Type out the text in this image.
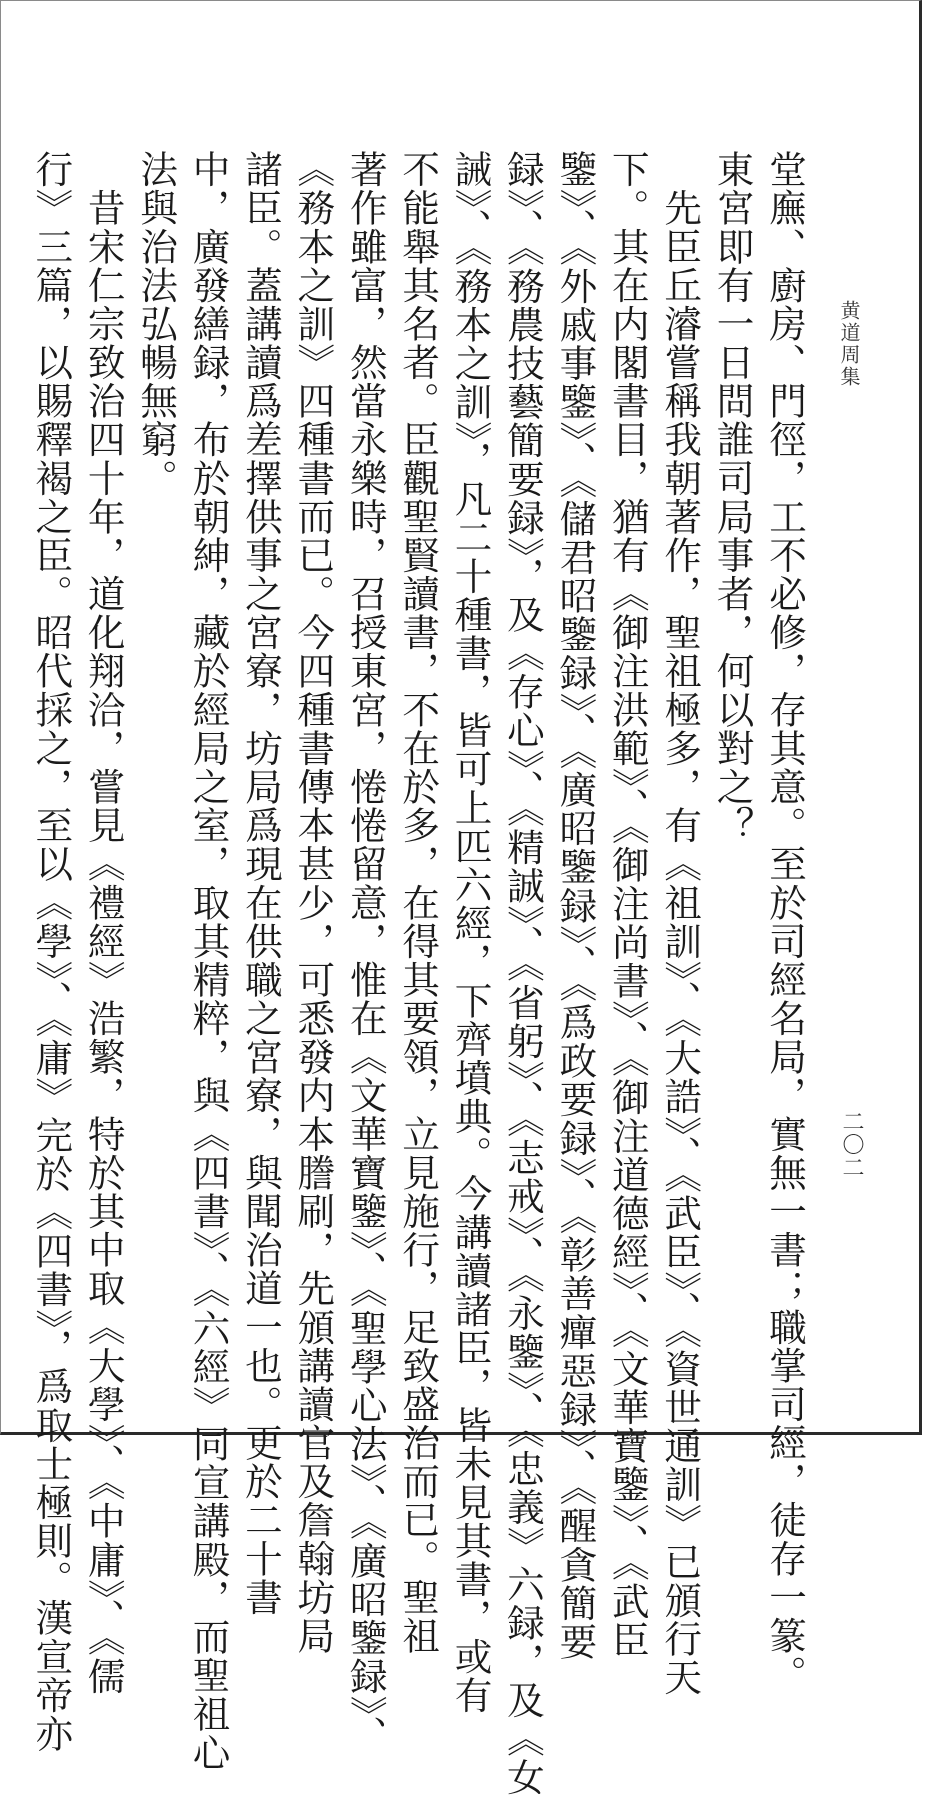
黄道周集
二〇二
堂廡、廚房、門徑，工不必修，存其意。至於司經名局，實無一書；職掌司經，徒存一篆。
東宮即有一日問誰司局事者，何以對之？
　先臣丘濬嘗稱我朝著作，聖祖極多，有《祖訓》、《大誥》、《武臣》、《資世通訓》已頒行天
下。其在内閣書目，猶有《御注洪範》、《御注尚書》、《御注道德經》、《文華寶鑒》、《武臣
鑒》、《外戚事鑒》、《儲君昭鑒録》、《廣昭鑒録》、《爲政要録》、《彰善癉惡録》、《醒貪簡要
録》、《務農技藝簡要録》，及《存心》、《精誠》、《省躬》、《志戒》、《永鑒》、《忠義》六録，及《女
誡》、《務本之訓》，凡二十種書，皆可上匹六經，下齊墳典。今講讀諸臣，皆未見其書，或有
不能舉其名者。臣觀聖賢讀書，不在於多，在得其要領，立見施行，足致盛治而已。聖祖
著作雖富，然當永樂時，召授東宮，惓惓留意，惟在《文華寶鑒》、《聖學心法》、《廣昭鑒録》、
《務本之訓》四種書而已。今四種書傳本甚少，可悉發内本謄刷，先頒講讀官及詹翰坊局
諸臣。蓋講讀爲差擇供事之宮寮，坊局爲現在供職之宮寮，與聞治道一也。更於二十書
中，廣發繕録，布於朝紳，藏於經局之室，取其精粹，與《四書》、《六經》同宣講殿，而聖祖心
法與治法弘暢無窮。
　昔宋仁宗致治四十年，道化翔洽，嘗見《禮經》浩繁，特於其中取《大學》、《中庸》、《儒
行》三篇，以賜釋褐之臣。昭代採之，至以《學》、《庸》完於《四書》，爲取士極則。漢宣帝亦
